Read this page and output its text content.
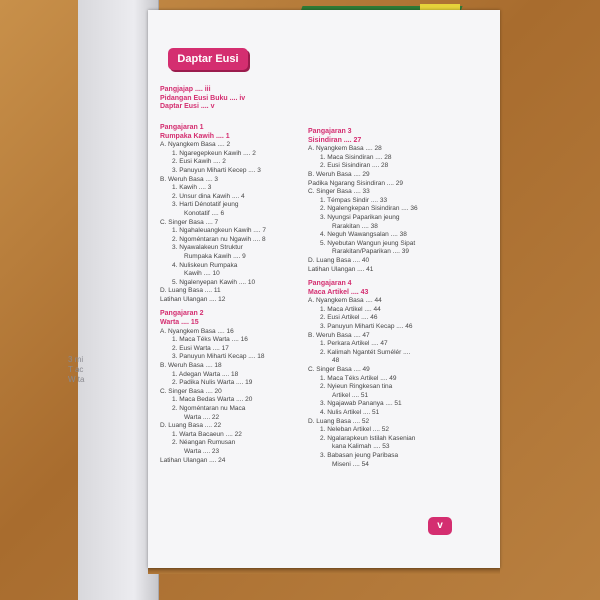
3 mi
T ac
W ta
Daptar Eusi
Pangjajap .... iii
Pidangan Eusi Buku .... iv
Daptar Eusi .... v
Pangajaran 1
Rumpaka Kawih .... 1
A. Nyangkem Basa .... 2
1. Ngaregepkeun Kawih .... 2
2. Eusi Kawih .... 2
3. Panuyun Miharti Kecep .... 3
B. Weruh Basa .... 3
1. Kawih .... 3
2. Unsur dina Kawih .... 4
3. Harti Dénotatif jeung
Konotatif .... 6
C. Singer Basa .... 7
1. Ngahaleuangkeun Kawih .... 7
2. Ngoméntaran nu Ngawih .... 8
3. Nyawalakeun Struktur
Rumpaka Kawih .... 9
4. Nuliskeun Rumpaka
Kawih .... 10
5. Ngalenyepan Kawih .... 10
D. Luang Basa .... 11
Latihan Ulangan .... 12
Pangajaran 2
Warta .... 15
A. Nyangkem Basa .... 16
1. Maca Téks Warta .... 16
2. Eusi Warta .... 17
3. Panuyun Miharti Kecap .... 18
B. Weruh Basa .... 18
1. Adegan Warta .... 18
2. Padika Nulis Warta .... 19
C. Singer Basa .... 20
1. Maca Bedas Warta .... 20
2. Ngoméntaran nu Maca
Warta .... 22
D. Luang Basa .... 22
1. Warta Bacaeun .... 22
2. Néangan Rumusan
Warta .... 23
Latihan Ulangan .... 24
Pangajaran 3
Sisindiran .... 27
A. Nyangkem Basa .... 28
1. Maca Sisindiran .... 28
2. Eusi Sisindiran .... 28
B. Weruh Basa .... 29
Padika Ngarang Sisindiran .... 29
C. Singer Basa .... 33
1. Témpas Sindir .... 33
2. Ngalengkepan Sisindiran .... 36
3. Nyungsi Paparikan jeung
Rarakitan .... 38
4. Neguh Wawangsalan .... 38
5. Nyebutan Wangun jeung Sipat
Rarakitan/Paparikan .... 39
D. Luang Basa .... 40
Latihan Ulangan .... 41
Pangajaran 4
Maca Artikel .... 43
A. Nyangkem Basa .... 44
1. Maca Artikel .... 44
2. Eusi Artikel .... 46
3. Panuyun Miharti Kecap .... 46
B. Weruh Basa .... 47
1. Perkara Artikel .... 47
2. Kalimah Ngantét Sumélér ....
48
C. Singer Basa .... 49
1. Maca Téks Artikel .... 49
2. Nyieun Ringkesan tina
Artikel .... 51
3. Ngajawab Pananya .... 51
4. Nulis Artikel .... 51
D. Luang Basa .... 52
1. Neleban Artikel .... 52
2. Ngalarapkeun Istilah Kasenian
kana Kalimah .... 53
3. Babasan jeung Paribasa
Miseni .... 54
v
